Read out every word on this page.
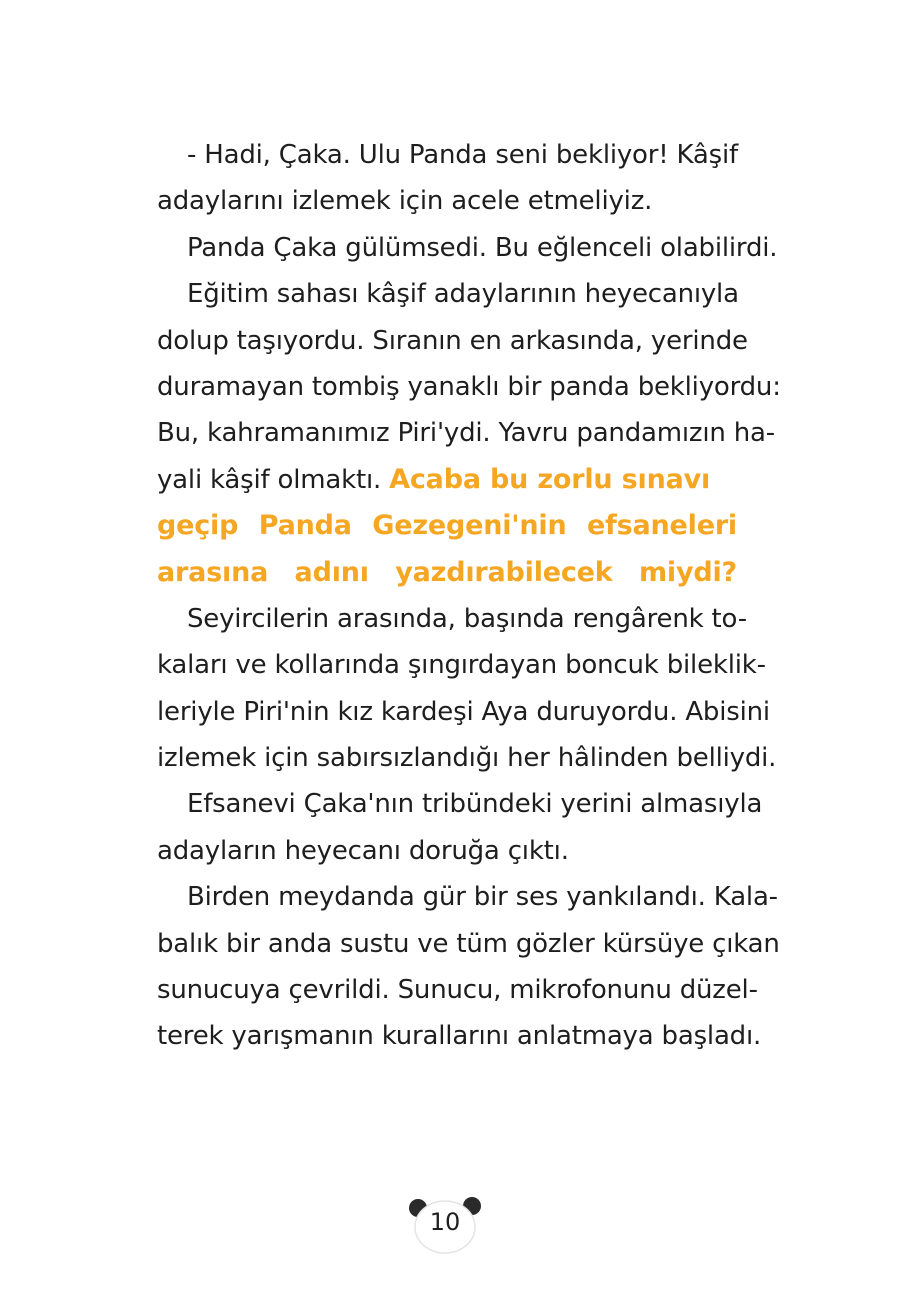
- Hadi, Çaka. Ulu Panda seni bekliyor! Kâşif
adaylarını izlemek için acele etmeliyiz.
Panda Çaka gülümsedi. Bu eğlenceli olabilirdi.
Eğitim sahası kâşif adaylarının heyecanıyla
dolup taşıyordu. Sıranın en arkasında, yerinde
duramayan tombiş yanaklı bir panda bekliyordu:
Bu, kahramanımız Piri'ydi. Yavru pandamızın ha-
yali kâşif olmaktı. Acaba bu zorlu sınavı
geçip Panda Gezegeni'nin efsaneleri
arasına adını yazdırabilecek miydi?
Seyircilerin arasında, başında rengârenk to-
kaları ve kollarında şıngırdayan boncuk bileklik-
leriyle Piri'nin kız kardeşi Aya duruyordu. Abisini
izlemek için sabırsızlandığı her hâlinden belliydi.
Efsanevi Çaka'nın tribündeki yerini almasıyla
adayların heyecanı doruğa çıktı.
Birden meydanda gür bir ses yankılandı. Kala-
balık bir anda sustu ve tüm gözler kürsüye çıkan
sunucuya çevrildi. Sunucu, mikrofonunu düzel-
terek yarışmanın kurallarını anlatmaya başladı.
10
